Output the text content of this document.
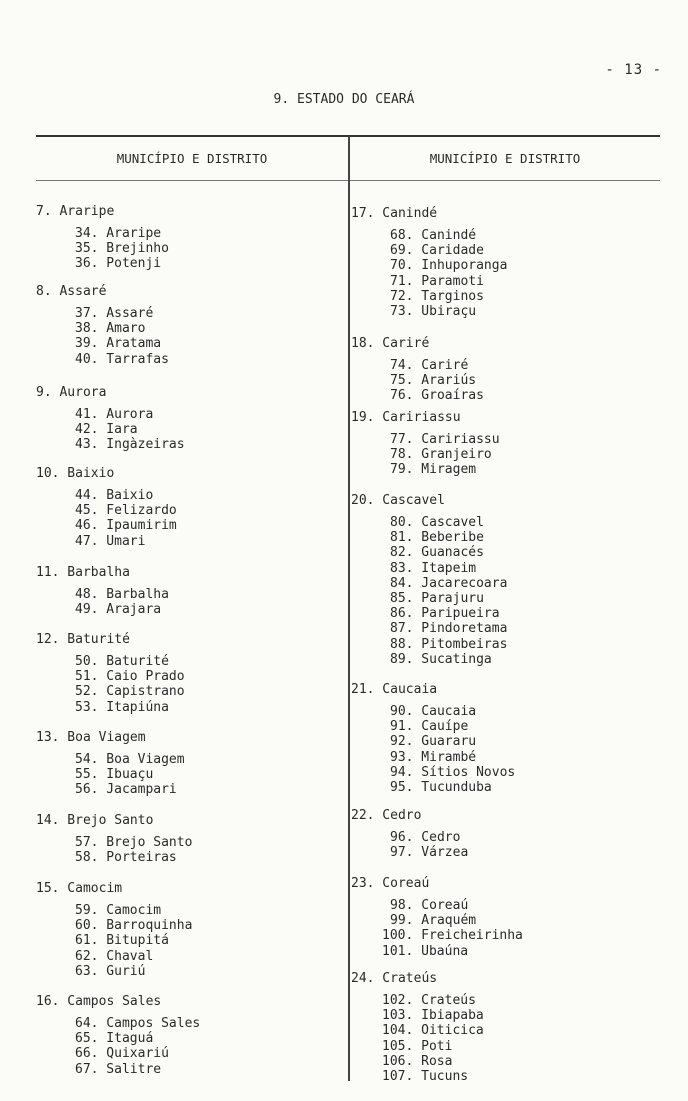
- 13 -
9. ESTADO DO CEARÁ
MUNICÍPIO E DISTRITO	MUNICÍPIO E DISTRITO
7. Araripe
34. Araripe
35. Brejinho
36. Potenji
8. Assaré
37. Assaré
38. Amaro
39. Aratama
40. Tarrafas
9. Aurora
41. Aurora
42. Iara
43. Ingàzeiras
10. Baixio
44. Baixio
45. Felizardo
46. Ipaumirim
47. Umari
11. Barbalha
48. Barbalha
49. Arajara
12. Baturité
50. Baturité
51. Caio Prado
52. Capistrano
53. Itapiúna
13. Boa Viagem
54. Boa Viagem
55. Ibuaçu
56. Jacampari
14. Brejo Santo
57. Brejo Santo
58. Porteiras
15. Camocim
59. Camocim
60. Barroquinha
61. Bitupitá
62. Chaval
63. Guriú
16. Campos Sales
64. Campos Sales
65. Itaguá
66. Quixariú
67. Salitre
17. Canindé
68. Canindé
69. Caridade
70. Inhuporanga
71. Paramoti
72. Targinos
73. Ubiraçu
18. Cariré
74. Cariré
75. Arariús
76. Groaíras
19. Caririassu
77. Caririassu
78. Granjeiro
79. Miragem
20. Cascavel
80. Cascavel
81. Beberibe
82. Guanacés
83. Itapeim
84. Jacarecoara
85. Parajuru
86. Paripueira
87. Pindoretama
88. Pitombeiras
89. Sucatinga
21. Caucaia
90. Caucaia
91. Cauípe
92. Guararu
93. Mirambé
94. Sítios Novos
95. Tucunduba
22. Cedro
96. Cedro
97. Várzea
23. Coreaú
98. Coreaú
99. Araquém
100. Freicheirinha
101. Ubaúna
24. Crateús
102. Crateús
103. Ibiapaba
104. Oiticica
105. Poti
106. Rosa
107. Tucuns
